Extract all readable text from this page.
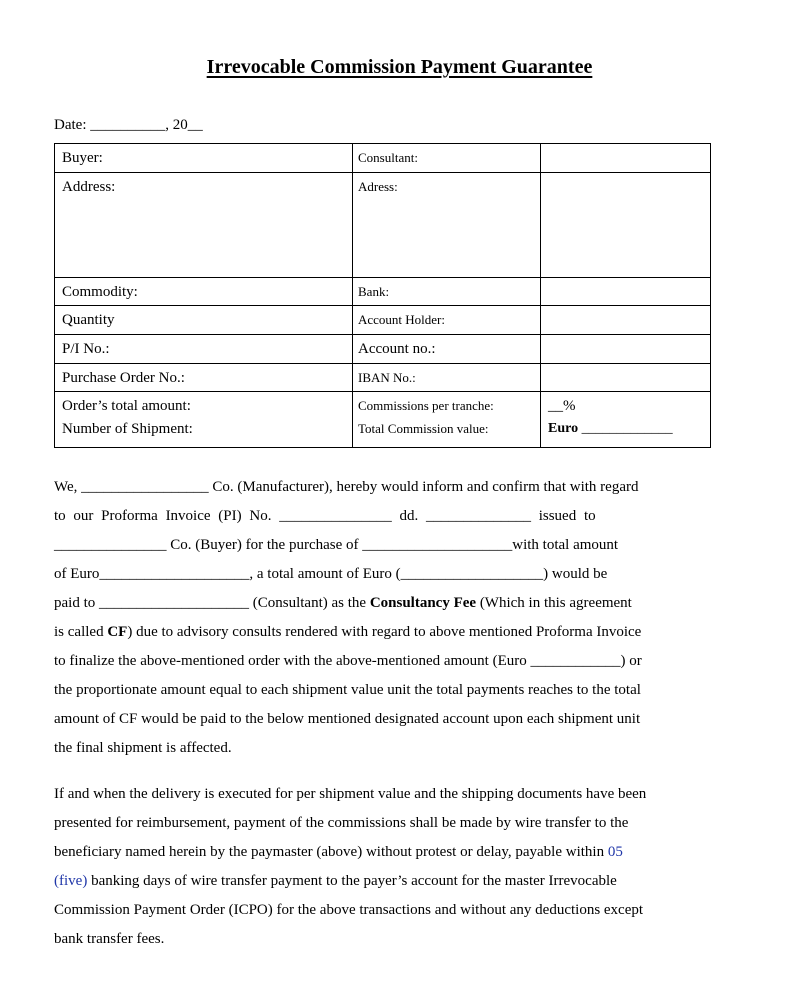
Irrevocable Commission Payment Guarantee
Date: __________, 20__
Buyer:	Consultant:	
Address:	Adress:	
Commodity:	Bank:	
Quantity	Account Holder:	
P/I No.:	Account no.:	
Purchase Order No.:	IBAN No.:	
Order’s total amount:	Commissions per tranche:	__%
Number of Shipment:	Total Commission value:	Euro _____________
We, _________________ Co. (Manufacturer), hereby would inform and confirm that with regard
to our Proforma Invoice (PI) No. _______________ dd. ______________ issued to
_______________ Co. (Buyer) for the purchase of ____________________with total amount
of Euro____________________, a total amount of Euro (___________________) would be
paid to ____________________ (Consultant) as the Consultancy Fee (Which in this agreement
is called CF) due to advisory consults rendered with regard to above mentioned Proforma Invoice
to finalize the above-mentioned order with the above-mentioned amount (Euro ____________) or
the proportionate amount equal to each shipment value unit the total payments reaches to the total
amount of CF would be paid to the below mentioned designated account upon each shipment unit
the final shipment is affected.
If and when the delivery is executed for per shipment value and the shipping documents have been
presented for reimbursement, payment of the commissions shall be made by wire transfer to the
beneficiary named herein by the paymaster (above) without protest or delay, payable within 05
(five) banking days of wire transfer payment to the payer’s account for the master Irrevocable
Commission Payment Order (ICPO) for the above transactions and without any deductions except
bank transfer fees.
